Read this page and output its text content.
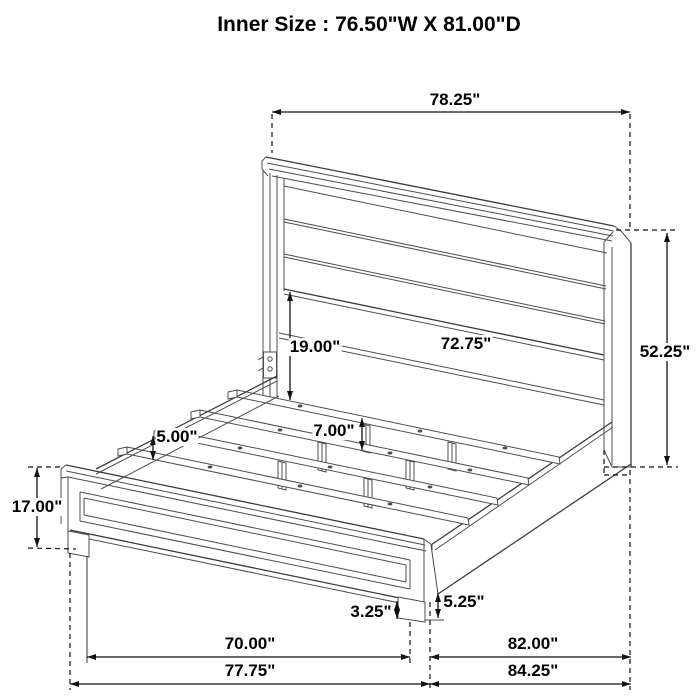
Inner Size : 76.50"W X 81.00"D
78.25"
72.75"	52.25"
19.00"
5.00"	7.00"
17.00"
3.25"
5.25"
70.00"
77.75"
82.00"
84.25"
